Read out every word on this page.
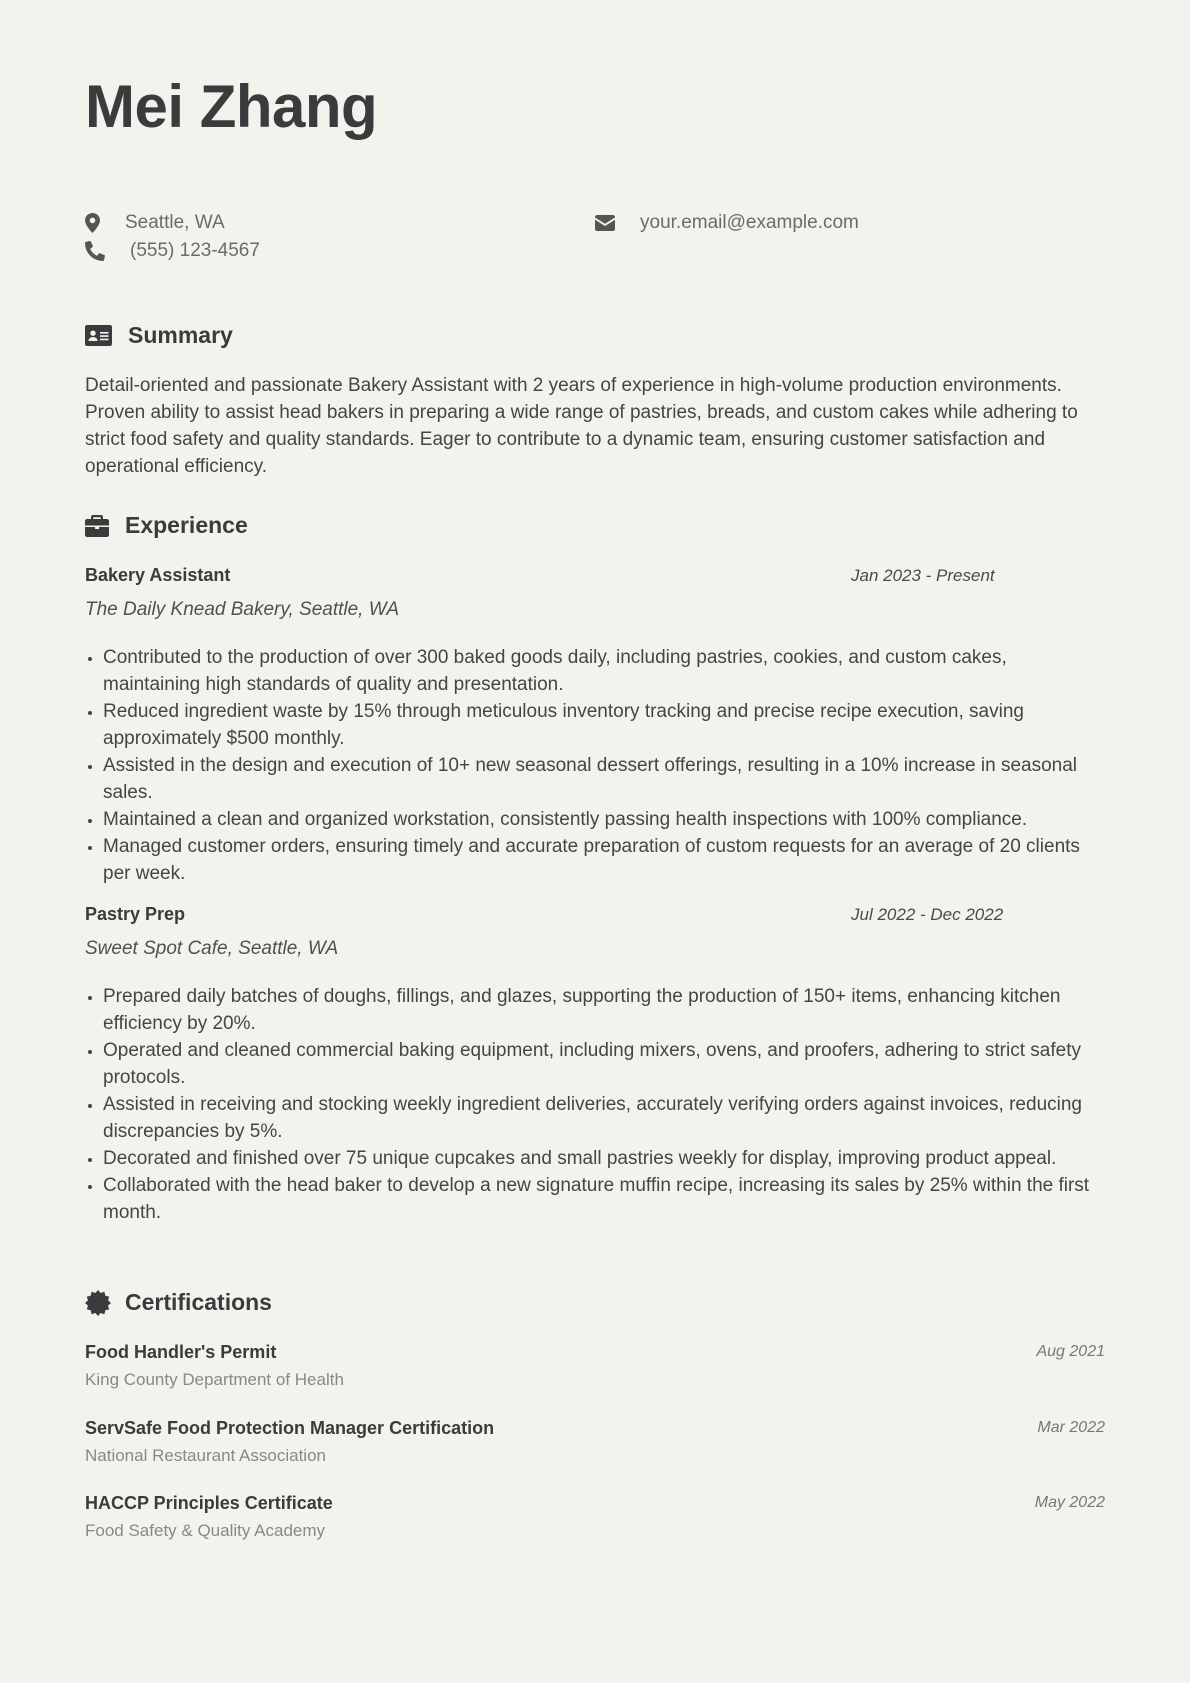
Mei Zhang
Seattle, WA
(555) 123-4567
your.email@example.com
Summary

Detail-oriented and passionate Bakery Assistant with 2 years of experience in high-volume production environments. Proven ability to assist head bakers in preparing a wide range of pastries, breads, and custom cakes while adhering to strict food safety and quality standards. Eager to contribute to a dynamic team, ensuring customer satisfaction and operational efficiency.

Experience
Bakery Assistant	Jan 2023 - Present
The Daily Knead Bakery, Seattle, WA
• Contributed to the production of over 300 baked goods daily, including pastries, cookies, and custom cakes, maintaining high standards of quality and presentation.
• Reduced ingredient waste by 15% through meticulous inventory tracking and precise recipe execution, saving approximately $500 monthly.
• Assisted in the design and execution of 10+ new seasonal dessert offerings, resulting in a 10% increase in seasonal sales.
• Maintained a clean and organized workstation, consistently passing health inspections with 100% compliance.
• Managed customer orders, ensuring timely and accurate preparation of custom requests for an average of 20 clients per week.
Pastry Prep	Jul 2022 - Dec 2022
Sweet Spot Cafe, Seattle, WA
• Prepared daily batches of doughs, fillings, and glazes, supporting the production of 150+ items, enhancing kitchen efficiency by 20%.
• Operated and cleaned commercial baking equipment, including mixers, ovens, and proofers, adhering to strict safety protocols.
• Assisted in receiving and stocking weekly ingredient deliveries, accurately verifying orders against invoices, reducing discrepancies by 5%.
• Decorated and finished over 75 unique cupcakes and small pastries weekly for display, improving product appeal.
• Collaborated with the head baker to develop a new signature muffin recipe, increasing its sales by 25% within the first month.
Certifications
Food Handler's Permit	Aug 2021
King County Department of Health
ServSafe Food Protection Manager Certification	Mar 2022
National Restaurant Association
HACCP Principles Certificate	May 2022
Food Safety & Quality Academy
